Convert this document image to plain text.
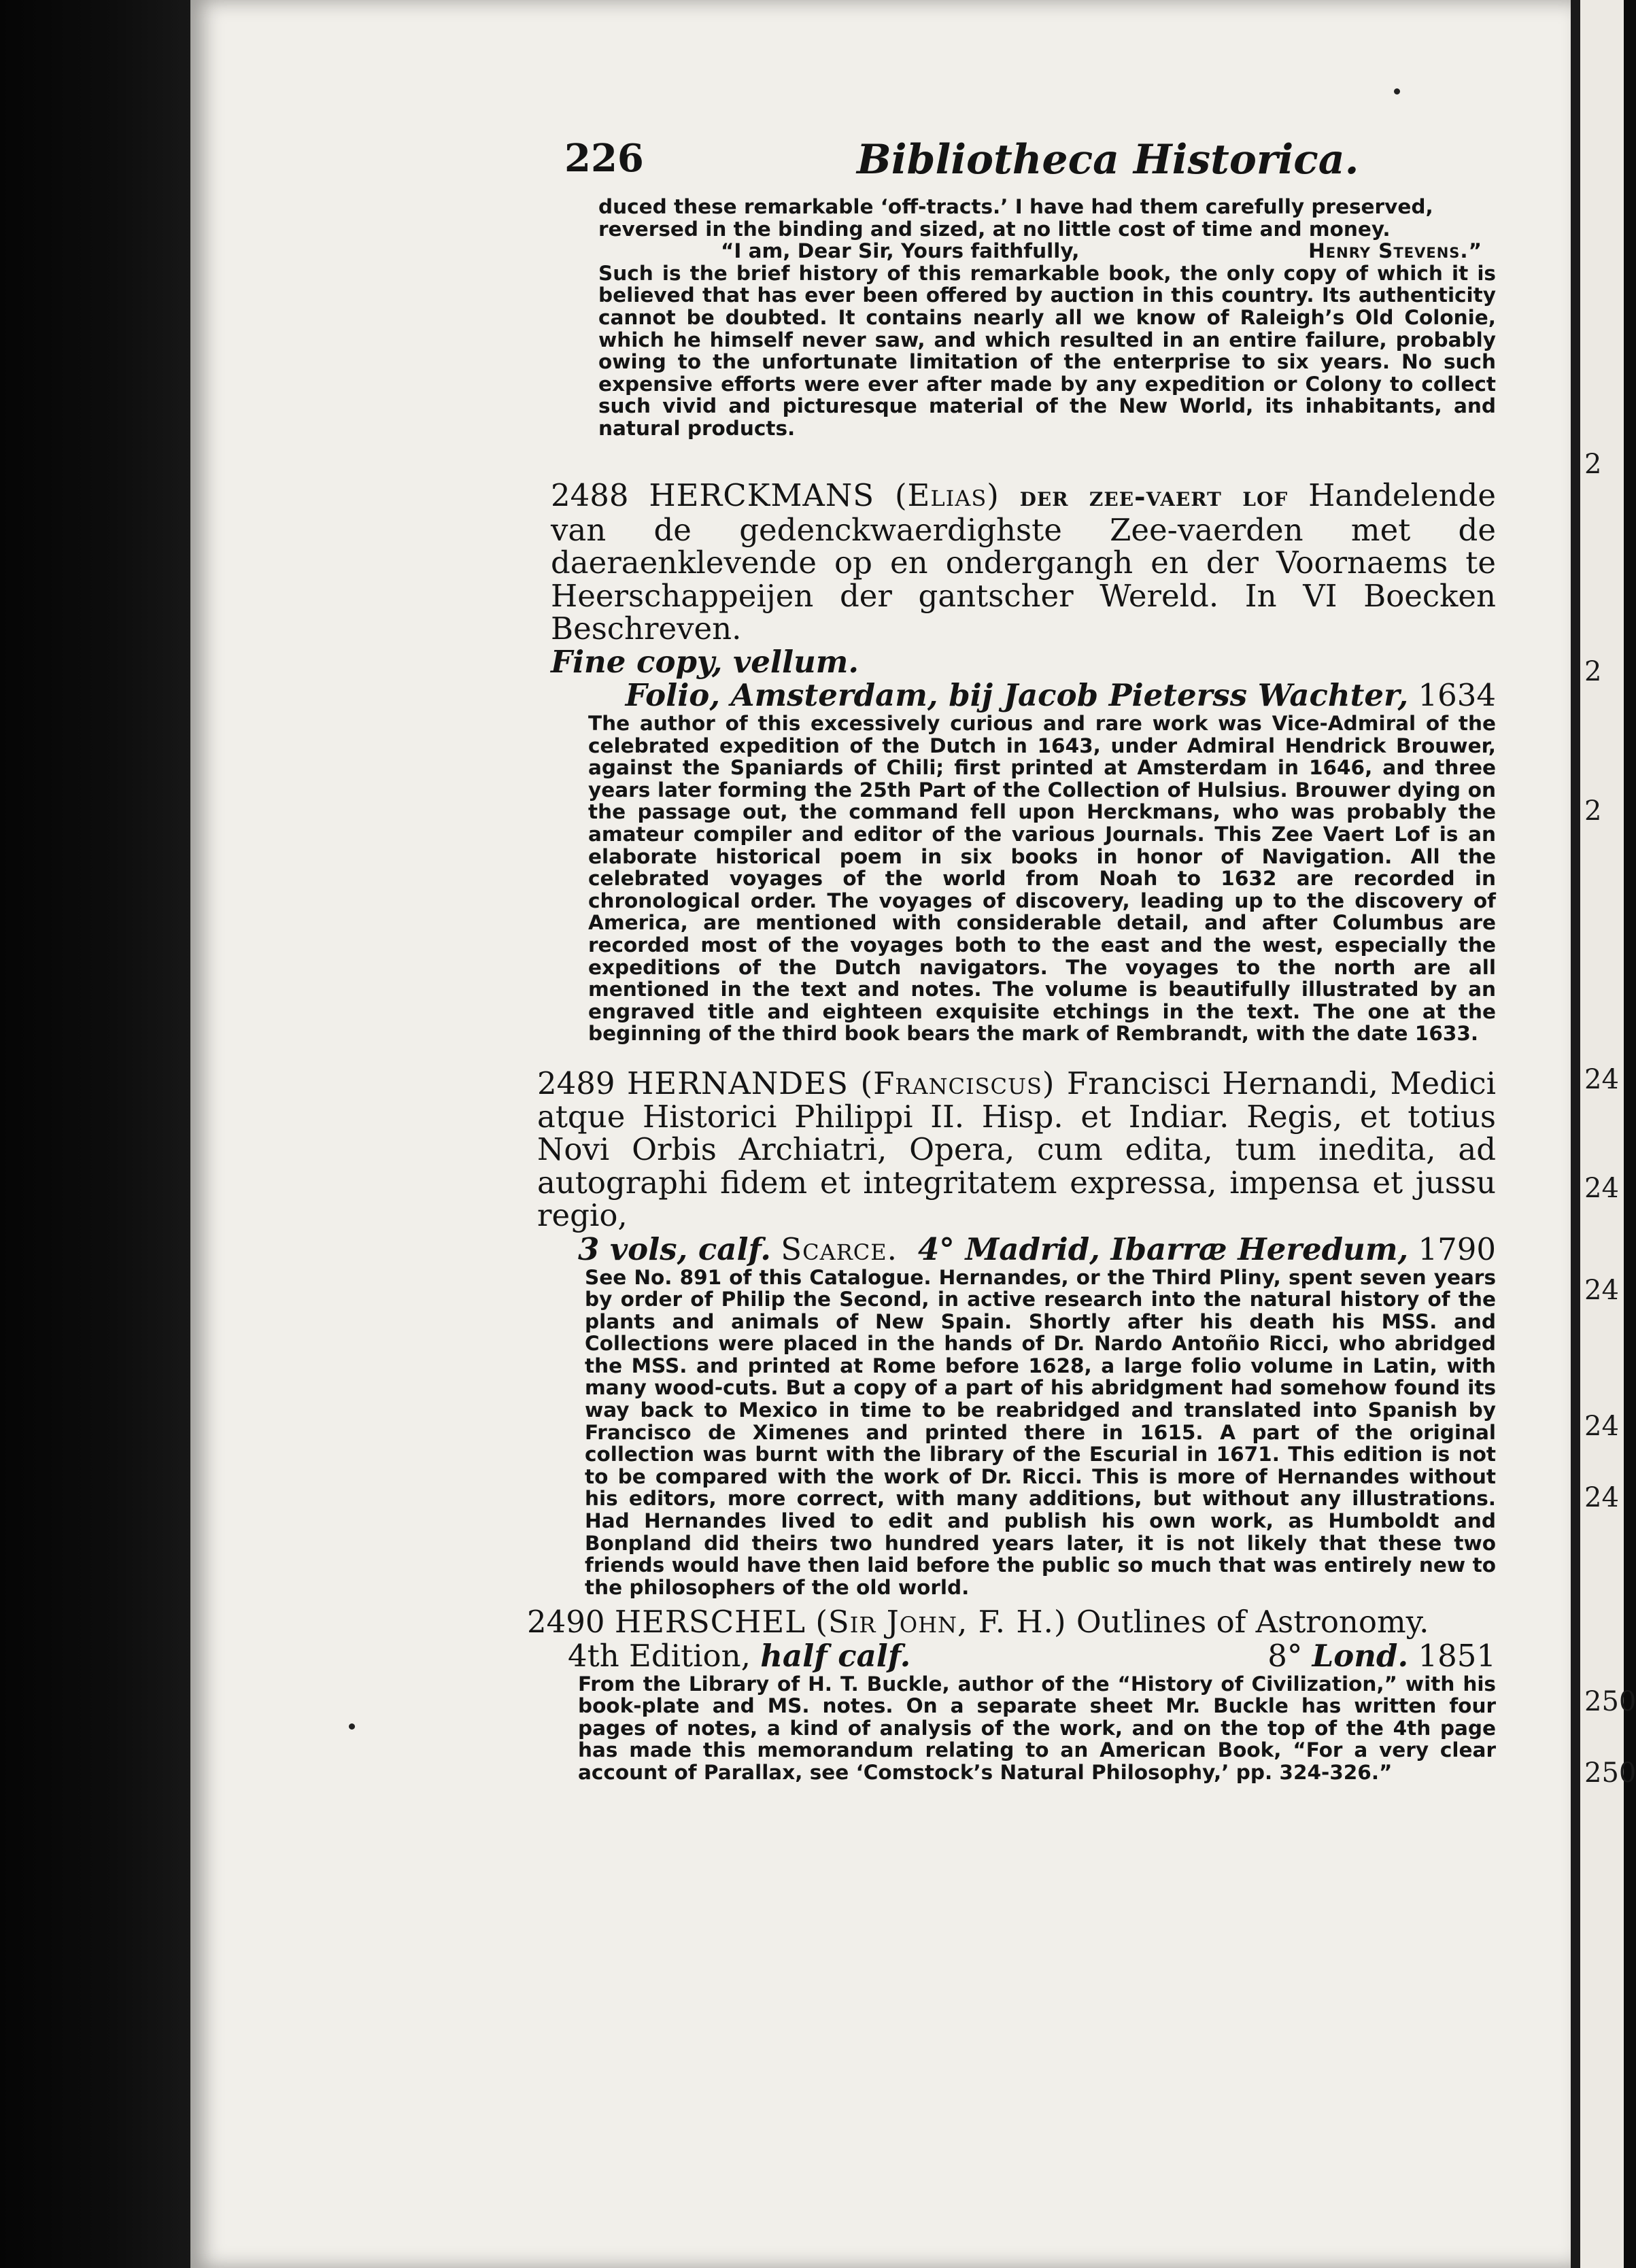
2
2
2
24
24
24
24
24
250
250
226	Bibliotheca Historica.

duced these remarkable ‘off-tracts.’ I have had them carefully preserved,

reversed in the binding and sized, at no little cost of time and money.

“I am, Dear Sir, Yours faithfully,	Henry Stevens.”

Such is the brief history of this remarkable book, the only copy of which it is believed that has ever been offered by auction in this country. Its authenticity cannot be doubted. It contains nearly all we know of Raleigh’s Old Colonie, which he himself never saw, and which resulted in an entire failure, probably owing to the unfortunate limitation of the enterprise to six years. No such expensive efforts were ever after made by any expedition or Colony to collect such vivid and picturesque material of the New World, its inhabitants, and natural products.

2488 HERCKMANS (Elias) der zee-vaert lof Handelende van de gedenckwaerdighste Zee-vaerden met de daeraenklevende op en ondergangh en der Voornaems te Heerschappeijen der gantscher Wereld. In VI Boecken Beschreven.
Fine copy, vellum.

Folio, Amsterdam, bij Jacob Pieterss Wachter, 1634

The author of this excessively curious and rare work was Vice-Admiral of the celebrated expedition of the Dutch in 1643, under Admiral Hendrick Brouwer, against the Spaniards of Chili; first printed at Amsterdam in 1646, and three years later forming the 25th Part of the Collection of Hulsius. Brouwer dying on the passage out, the command fell upon Herckmans, who was probably the amateur compiler and editor of the various Journals. This Zee Vaert Lof is an elaborate historical poem in six books in honor of Navigation. All the celebrated voyages of the world from Noah to 1632 are recorded in chronological order. The voyages of discovery, leading up to the discovery of America, are mentioned with considerable detail, and after Columbus are recorded most of the voyages both to the east and the west, especially the expeditions of the Dutch navigators. The voyages to the north are all mentioned in the text and notes. The volume is beautifully illustrated by an engraved title and eighteen exquisite etchings in the text. The one at the beginning of the third book bears the mark of Rembrandt, with the date 1633.

2489 HERNANDES (Franciscus) Francisci Hernandi, Medici atque Historici Philippi II. Hisp. et Indiar. Regis, et totius Novi Orbis Archiatri, Opera, cum edita, tum inedita, ad autographi fidem et integritatem expressa, impensa et jussu regio,

3 vols, calf. Scarce. 4° Madrid, Ibarræ Heredum, 1790

See No. 891 of this Catalogue. Hernandes, or the Third Pliny, spent seven years by order of Philip the Second, in active research into the natural history of the plants and animals of New Spain. Shortly after his death his MSS. and Collections were placed in the hands of Dr. Nardo Antoñio Ricci, who abridged the MSS. and printed at Rome before 1628, a large folio volume in Latin, with many wood-cuts. But a copy of a part of his abridgment had somehow found its way back to Mexico in time to be reabridged and translated into Spanish by Francisco de Ximenes and printed there in 1615. A part of the original collection was burnt with the library of the Escurial in 1671. This edition is not to be compared with the work of Dr. Ricci. This is more of Hernandes without his editors, more correct, with many additions, but without any illustrations. Had Hernandes lived to edit and publish his own work, as Humboldt and Bonpland did theirs two hundred years later, it is not likely that these two friends would have then laid before the public so much that was entirely new to the philosophers of the old world.

2490 HERSCHEL (Sir John, F. H.) Outlines of Astronomy.

4th Edition, half calf.	8° Lond. 1851

From the Library of H. T. Buckle, author of the “History of Civilization,” with his book-plate and MS. notes. On a separate sheet Mr. Buckle has written four pages of notes, a kind of analysis of the work, and on the top of the 4th page has made this memorandum relating to an American Book, “For a very clear account of Parallax, see ‘Comstock’s Natural Philosophy,’ pp. 324-326.”
